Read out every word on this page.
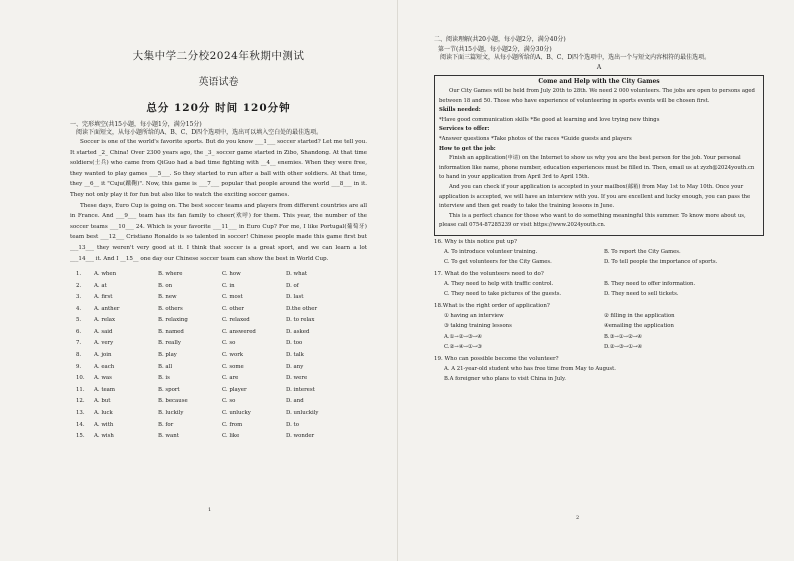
大集中学二分校2024年秋期中测试
英语试卷
总分 120分 时间 120分钟
一、完形填空(共15小题，每小题1分，满分15分)
阅读下面短文，从每小题所给的A、B、C、D四个选项中，选出可以填入空白处的最佳选项。

Soccer is one of the world's favorite sports. But do you know ___1___ soccer started? Let me tell you. It started _2_ China! Over 2300 years ago, the _3_ soccer game started in Zibo, Shandong. At that time soldiers(士兵) who came from QiGuo had a bad time fighting with __4__ enemies. When they were free, they wanted to play games ___5___. So they started to run after a ball with other soldiers. At that time, they __6__ it "Cuju(蹴鞠)". Now, this game is ___7___ popular that people around the world ___8___ in it. They not only play it for fun but also like to watch the exciting soccer games.

These days, Euro Cup is going on. The best soccer teams and players from different countries are all in France. And ___9___ team has its fan family to cheer(欢呼) for them. This year, the number of the soccer teams ___10___ 24. Which is your favorite ___11___ in Euro Cup? For me, I like Portugal(葡萄牙) team best ___12___ Cristiano Ronaldo is so talented in soccer! Chinese people made this game first but ___13___ they weren't very good at it. I think that soccer is a great sport, and we can learn a lot ___14___ it. And I __15__ one day our Chinese soccer team can show the best in World Cup.

1.	A. when	B. where	C. how	D. what
2.	A. at	B. on	C. in	D. of
3.	A. first	B. new	C. most	D. last
4.	A. anther	B. others	C. other	D.the other
5.	A. relax	B. relaxing	C. relaxed	D. to relax
6.	A. said	B. named	C. answered	D. asked
7.	A. very	B. really	C. so	D. too
8.	A. join	B. play	C. work	D. talk
9.	A. each	B. all	C. some	D. any
10.	A. was	B. is	C. are	D. were
11.	A. team	B. sport	C. player	D. interest
12.	A. but	B. because	C. so	D. and
13.	A. luck	B. luckily	C. unlucky	D. unluckily
14.	A. with	B. for	C. from	D. to
15.	A. wish	B. want	C. like	D. wonder
1
二、阅读理解(共20小题，每小题2分，满分40分)
第一节(共15小题，每小题2分，满分30分)
阅读下面三篇短文，从每小题所给的A、B、C、D四个选项中，选出一个与短文内容相符的最佳选项。
A
Come and Help with the City Games

Our City Games will be held from July 20th to 28th. We need 2 000 volunteers. The jobs are open to persons aged between 18 and 50. Those who have experience of volunteering in sports events will be chosen first.

Skills needed:

*Have good communication skills *Be good at learning and love trying new things

Services to offer:

*Answer questions *Take photos of the races *Guide guests and players

How to get the job:

Finish an application(申请) on the Internet to show us why you are the best person for the job. Your personal information like name, phone number, education experiences must be filled in. Then, email us at zyzh@2024youth.cn to hand in your application from April 3rd to April 15th.

And you can check if your application is accepted in your mailbox(邮箱) from May 1st to May 10th. Once your application is accepted, we will have an interview with you. If you are excellent and lucky enough, you can pass the interview and then get ready to take the training lessons in June.

This is a perfect chance for those who want to do something meaningful this summer. To know more about us, please call 0754-87285239 or visit https://www.2024youth.cn.

16. Why is this notice put up?
A. To introduce volunteer training.	B. To report the City Games.
C. To get volunteers for the City Games.	D. To tell people the importance of sports.
17. What do the volunteers need to do?
A. They need to help with traffic control.	B. They need to offer information.
C. They need to take pictures of the guests.	D. They need to sell tickets.
18.What is the right order of application?
① having an interview	② filling in the application
③ taking training lessons	④emailing the application
A.①→②→③→④	B.③→①→②→④
C.②→④→①→③	D.②→③→①→④
19. Who can possible become the volunteer?
A. A 21-year-old student who has free time from May to August.
B.A foreigner who plans to visit China in July.
2
